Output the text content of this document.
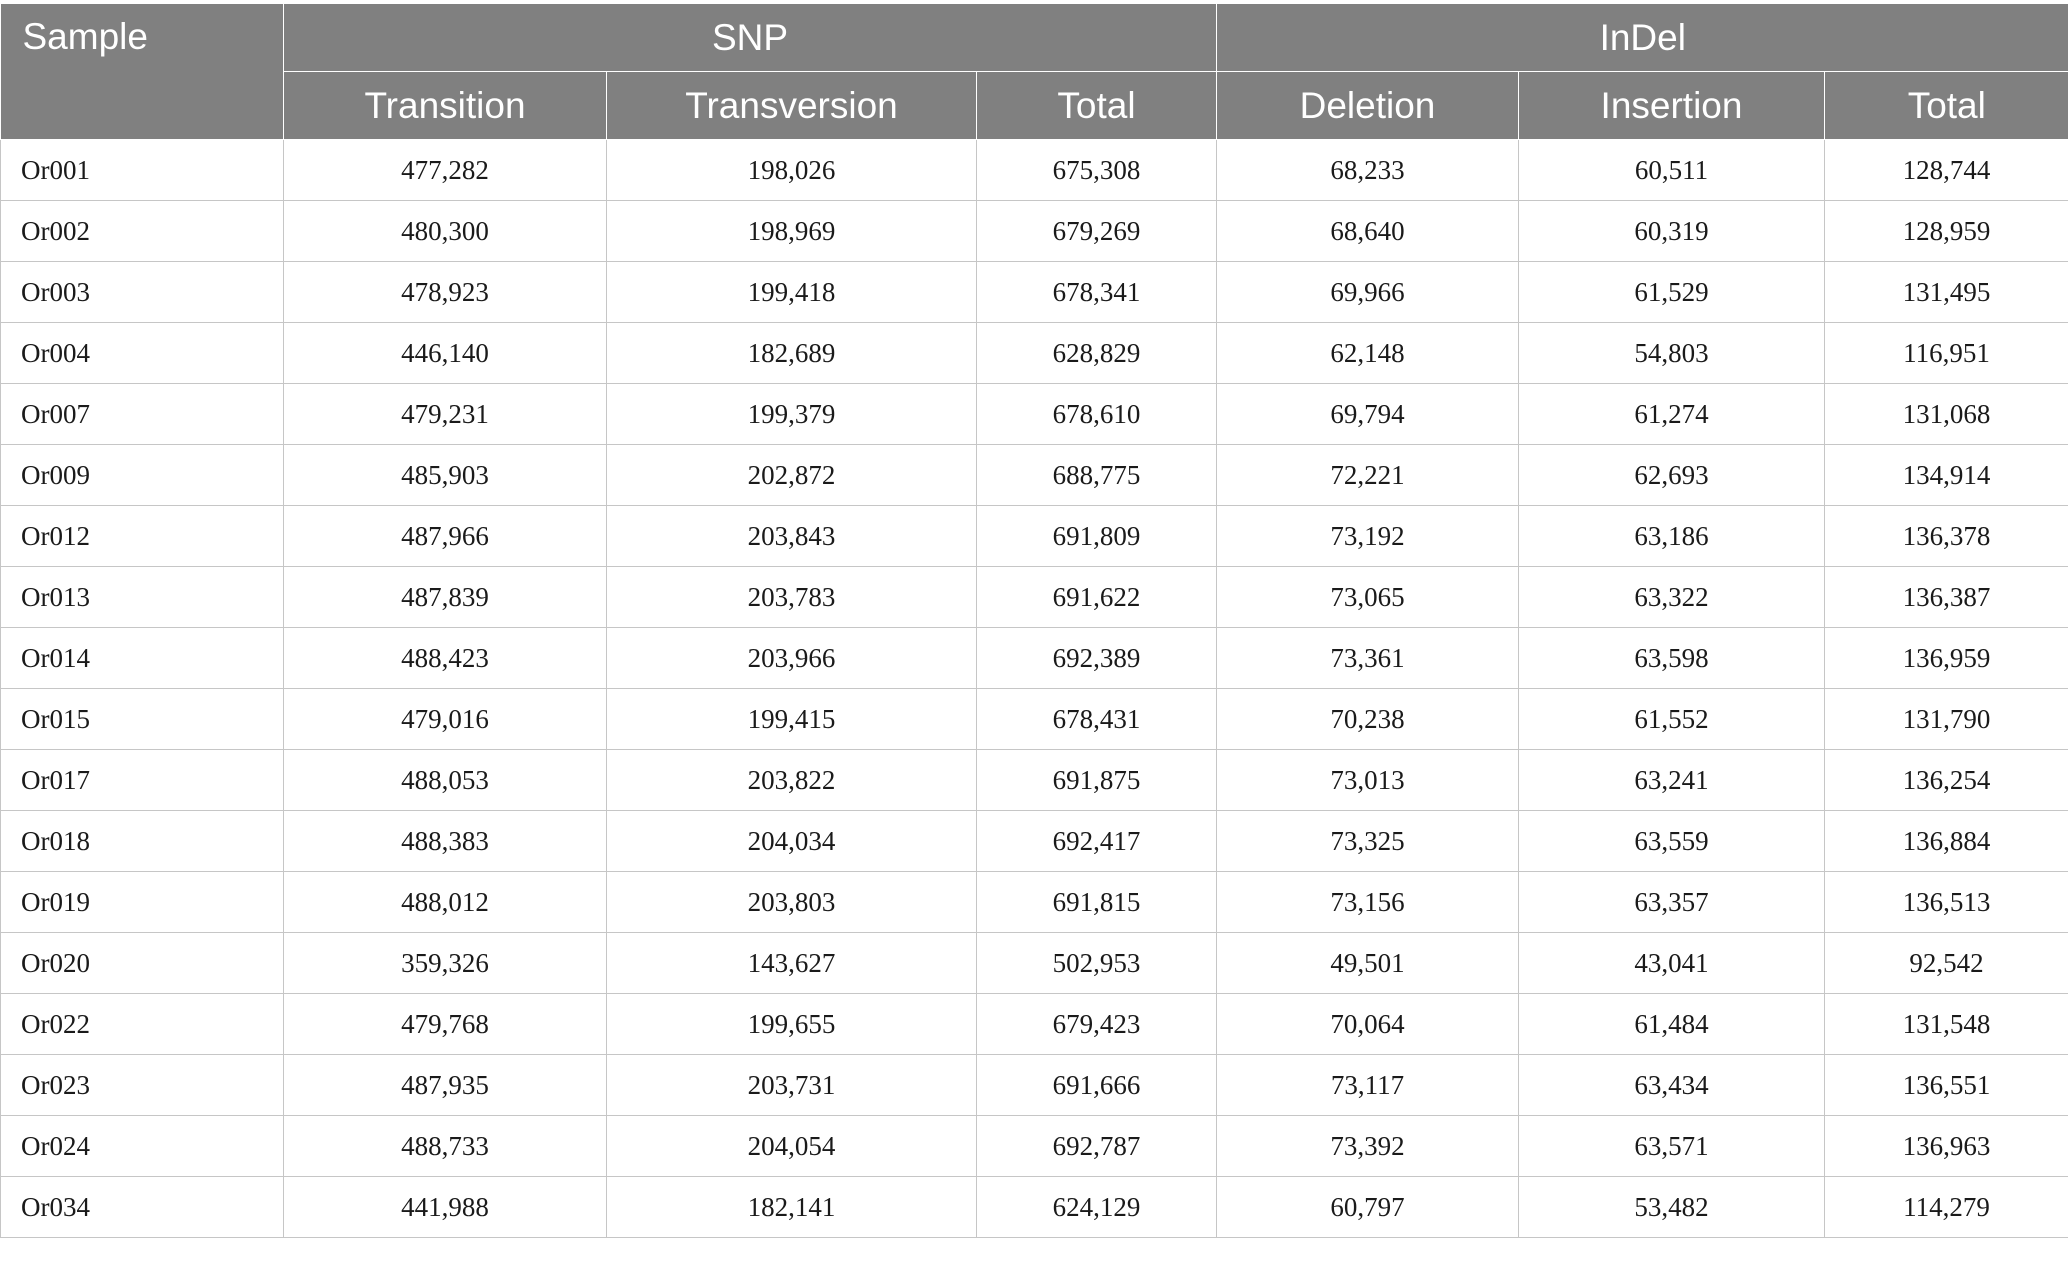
Sample	SNP			InDel		
	Transition	Transversion	Total	Deletion	Insertion	Total
Or001	477,282	198,026	675,308	68,233	60,511	128,744
Or002	480,300	198,969	679,269	68,640	60,319	128,959
Or003	478,923	199,418	678,341	69,966	61,529	131,495
Or004	446,140	182,689	628,829	62,148	54,803	116,951
Or007	479,231	199,379	678,610	69,794	61,274	131,068
Or009	485,903	202,872	688,775	72,221	62,693	134,914
Or012	487,966	203,843	691,809	73,192	63,186	136,378
Or013	487,839	203,783	691,622	73,065	63,322	136,387
Or014	488,423	203,966	692,389	73,361	63,598	136,959
Or015	479,016	199,415	678,431	70,238	61,552	131,790
Or017	488,053	203,822	691,875	73,013	63,241	136,254
Or018	488,383	204,034	692,417	73,325	63,559	136,884
Or019	488,012	203,803	691,815	73,156	63,357	136,513
Or020	359,326	143,627	502,953	49,501	43,041	92,542
Or022	479,768	199,655	679,423	70,064	61,484	131,548
Or023	487,935	203,731	691,666	73,117	63,434	136,551
Or024	488,733	204,054	692,787	73,392	63,571	136,963
Or034	441,988	182,141	624,129	60,797	53,482	114,279
